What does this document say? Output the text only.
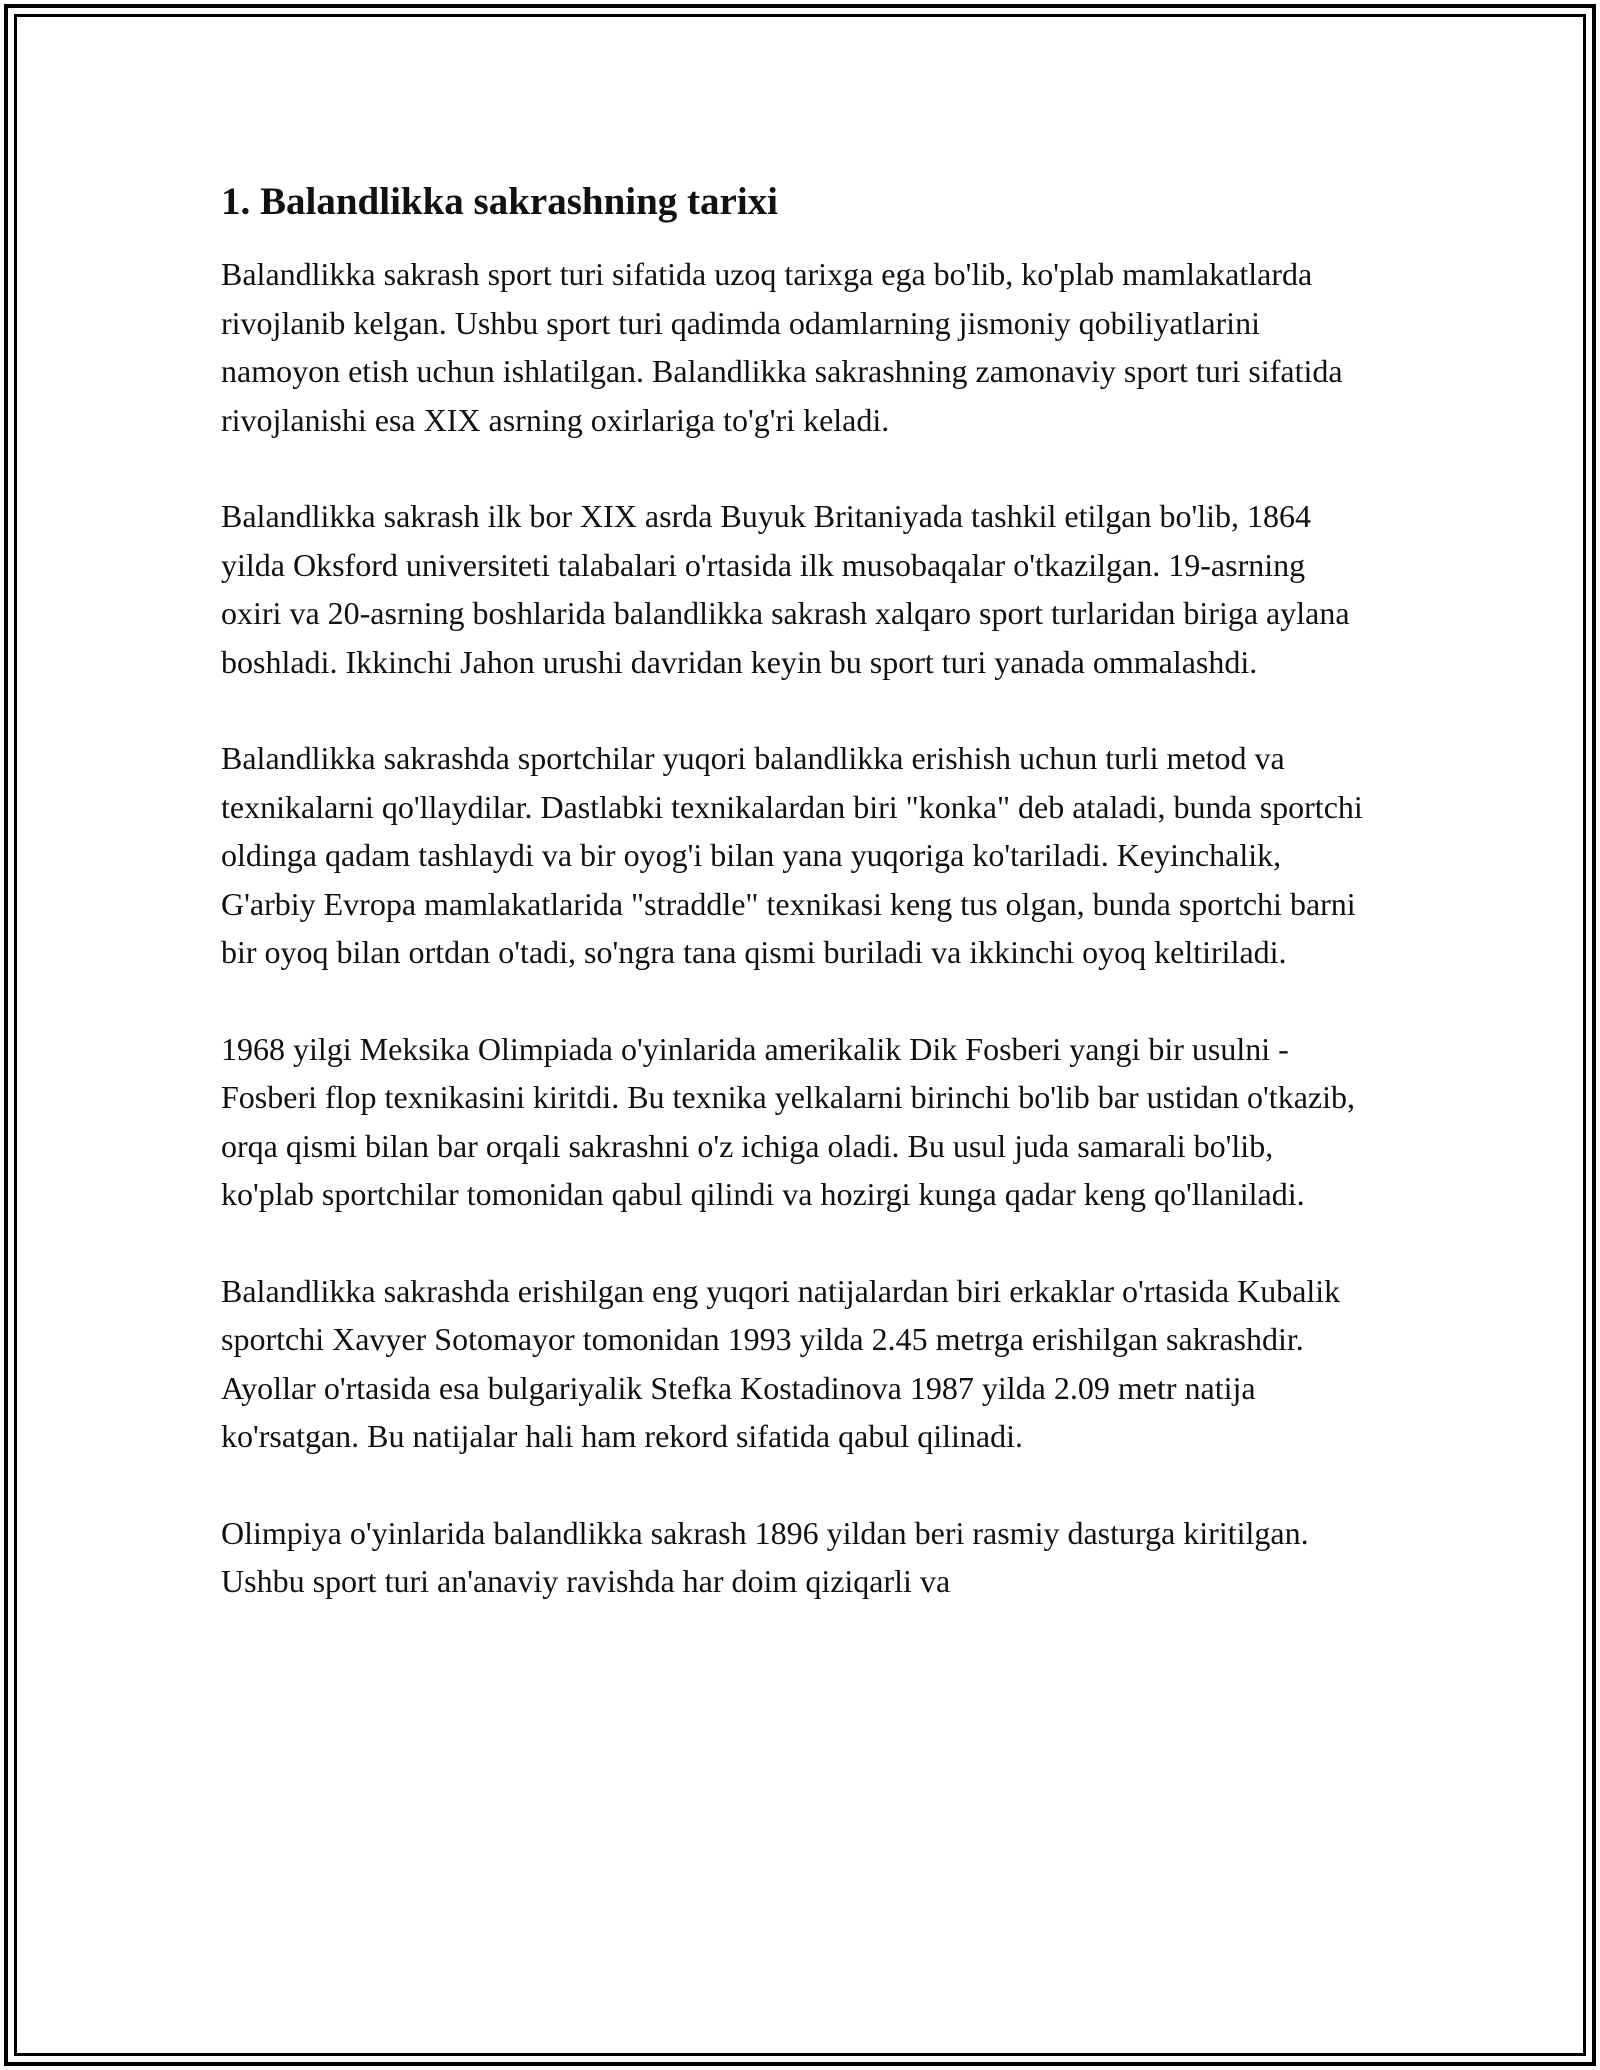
1. Balandlikka sakrashning tarixi

Balandlikka sakrash sport turi sifatida uzoq tarixga ega bo'lib, ko'plab mamlakatlarda rivojlanib kelgan. Ushbu sport turi qadimda odamlarning jismoniy qobiliyatlarini namoyon etish uchun ishlatilgan. Balandlikka sakrashning zamonaviy sport turi sifatida rivojlanishi esa XIX asrning oxirlariga to'g'ri keladi.

Balandlikka sakrash ilk bor XIX asrda Buyuk Britaniyada tashkil etilgan bo'lib, 1864 yilda Oksford universiteti talabalari o'rtasida ilk musobaqalar o'tkazilgan. 19-asrning oxiri va 20-asrning boshlarida balandlikka sakrash xalqaro sport turlaridan biriga aylana boshladi. Ikkinchi Jahon urushi davridan keyin bu sport turi yanada ommalashdi.

Balandlikka sakrashda sportchilar yuqori balandlikka erishish uchun turli metod va texnikalarni qo'llaydilar. Dastlabki texnikalardan biri "konka" deb ataladi, bunda sportchi oldinga qadam tashlaydi va bir oyog'i bilan yana yuqoriga ko'tariladi. Keyinchalik, G'arbiy Evropa mamlakatlarida "straddle" texnikasi keng tus olgan, bunda sportchi barni bir oyoq bilan ortdan o'tadi, so'ngra tana qismi buriladi va ikkinchi oyoq keltiriladi.

1968 yilgi Meksika Olimpiada o'yinlarida amerikalik Dik Fosberi yangi bir usulni - Fosberi flop texnikasini kiritdi. Bu texnika yelkalarni birinchi bo'lib bar ustidan o'tkazib, orqa qismi bilan bar orqali sakrashni o'z ichiga oladi. Bu usul juda samarali bo'lib, ko'plab sportchilar tomonidan qabul qilindi va hozirgi kunga qadar keng qo'llaniladi.

Balandlikka sakrashda erishilgan eng yuqori natijalardan biri erkaklar o'rtasida Kubalik sportchi Xavyer Sotomayor tomonidan 1993 yilda 2.45 metrga erishilgan sakrashdir. Ayollar o'rtasida esa bulgariyalik Stefka Kostadinova 1987 yilda 2.09 metr natija ko'rsatgan. Bu natijalar hali ham rekord sifatida qabul qilinadi.

Olimpiya o'yinlarida balandlikka sakrash 1896 yildan beri rasmiy dasturga kiritilgan. Ushbu sport turi an'anaviy ravishda har doim qiziqarli va
